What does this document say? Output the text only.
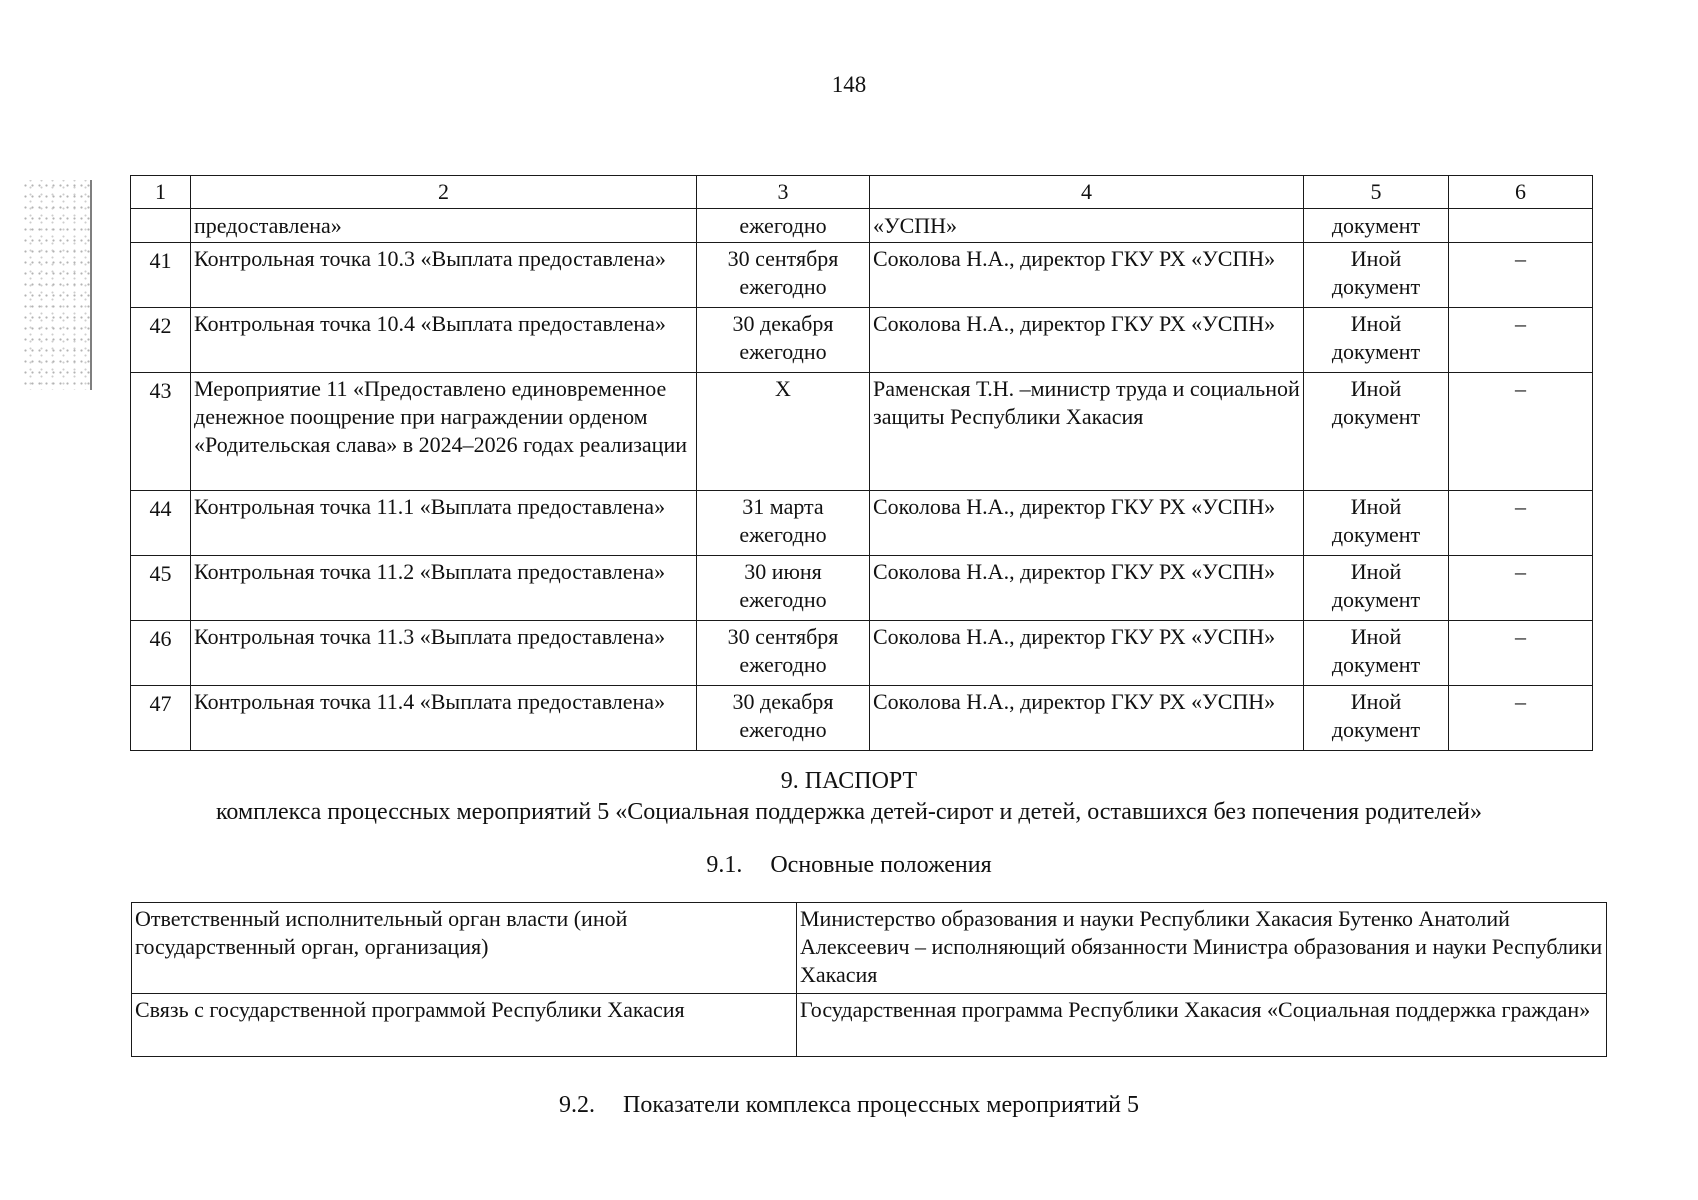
148
1	2	3	4	5	6
	предоставлена»	ежегодно	«УСПН»	документ	
41	Контрольная точка 10.3 «Выплата предоставлена»	30 сентября ежегодно	Соколова Н.А., директор ГКУ РХ «УСПН»	Иной документ	–
42	Контрольная точка 10.4 «Выплата предоставлена»	30 декабря ежегодно	Соколова Н.А., директор ГКУ РХ «УСПН»	Иной документ	–
43	Мероприятие 11 «Предоставлено единовременное денежное поощрение при награждении орденом «Родительская слава» в 2024–2026 годах реализации	Х	Раменская Т.Н. –министр труда и социальной защиты Республики Хакасия	Иной документ	–
44	Контрольная точка 11.1 «Выплата предоставлена»	31 марта ежегодно	Соколова Н.А., директор ГКУ РХ «УСПН»	Иной документ	–
45	Контрольная точка 11.2 «Выплата предоставлена»	30 июня ежегодно	Соколова Н.А., директор ГКУ РХ «УСПН»	Иной документ	–
46	Контрольная точка 11.3 «Выплата предоставлена»	30 сентября ежегодно	Соколова Н.А., директор ГКУ РХ «УСПН»	Иной документ	–
47	Контрольная точка 11.4 «Выплата предоставлена»	30 декабря ежегодно	Соколова Н.А., директор ГКУ РХ «УСПН»	Иной документ	–
9. ПАСПОРТ
комплекса процессных мероприятий 5 «Социальная поддержка детей-сирот и детей, оставшихся без попечения родителей»
9.1. Основные положения
Ответственный исполнительный орган власти (иной государственный орган, организация)	Министерство образования и науки Республики Хакасия Бутенко Анатолий Алексеевич – исполняющий обязанности Министра образования и науки Республики Хакасия
Связь с государственной программой Республики Хакасия	Государственная программа Республики Хакасия «Социальная поддержка граждан»
9.2. Показатели комплекса процессных мероприятий 5
